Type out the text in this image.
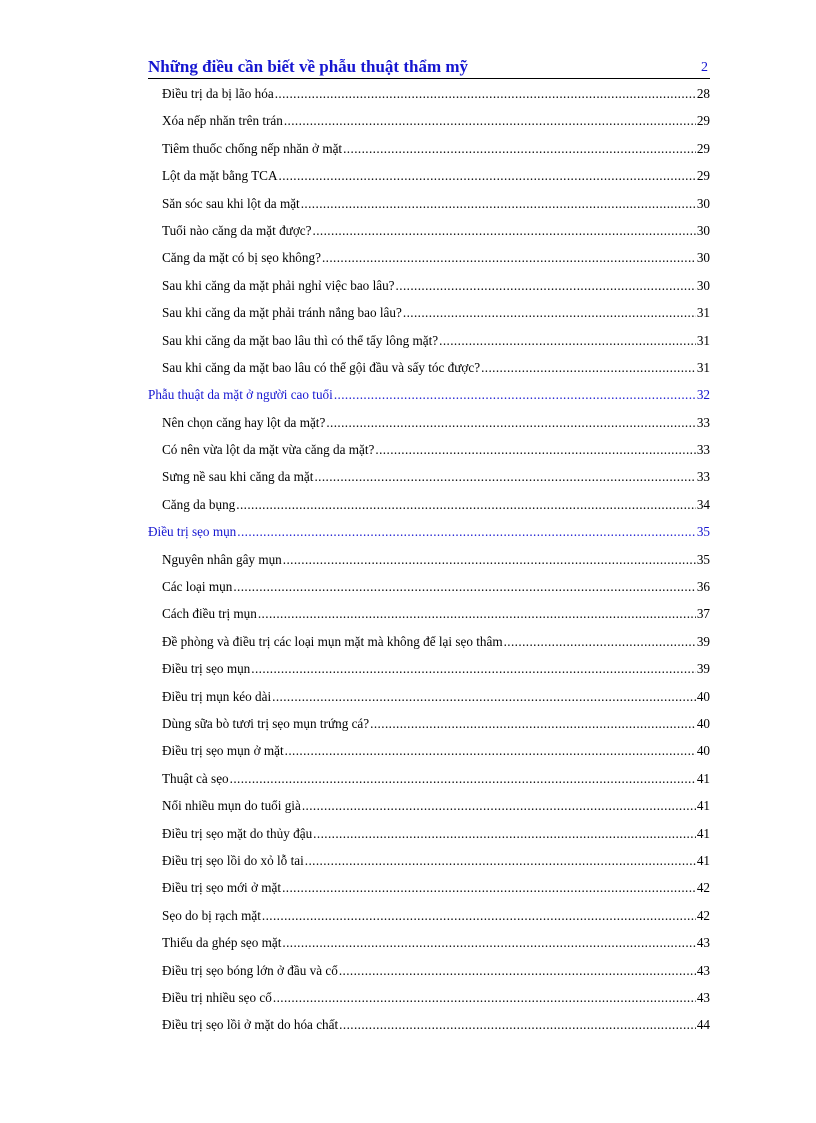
Những điều cần biết về phẫu thuật thẩm mỹ	2
Điều trị da bị lão hóa .....	28
Xóa nếp nhăn trên trán .....	29
Tiêm thuốc chống nếp nhăn ở mặt .....	29
Lột da mặt bằng TCA .....	29
Săn sóc sau khi lột da mặt .....	30
Tuổi nào căng da mặt được? .....	30
Căng da mặt có bị sẹo không? .....	30
Sau khi căng da mặt phải nghỉ việc bao lâu? .....	30
Sau khi căng da mặt phải tránh nắng bao lâu? .....	31
Sau khi căng da mặt bao lâu thì có thể tẩy lông mặt? .....	31
Sau khi căng da mặt bao lâu có thể gội đầu và sấy tóc được? .....	31
Phẫu thuật da mặt ở người cao tuổi .....	32
Nên chọn căng hay lột da mặt? .....	33
Có nên vừa lột da mặt vừa căng da mặt? .....	33
Sưng nề sau khi căng da mặt .....	33
Căng da bụng .....	34
Điều trị sẹo mụn .....	35
Nguyên nhân gây mụn .....	35
Các loại mụn .....	36
Cách điều trị mụn .....	37
Đề phòng và điều trị các loại mụn mặt mà không để lại sẹo thâm .....	39
Điều trị sẹo mụn .....	39
Điều trị mụn kéo dài .....	40
Dùng sữa bò tươi trị sẹo mụn trứng cá? .....	40
Điều trị sẹo mụn ở mặt .....	40
Thuật cà sẹo .....	41
Nổi nhiều mụn do tuổi già .....	41
Điều trị sẹo mặt do thủy đậu .....	41
Điều trị sẹo lồi do xỏ lỗ tai .....	41
Điều trị sẹo mới ở mặt .....	42
Sẹo do bị rạch mặt .....	42
Thiếu da ghép sẹo mặt .....	43
Điều trị sẹo bóng lớn ở đầu và cổ .....	43
Điều trị nhiều sẹo cổ .....	43
Điều trị sẹo lồi ở mặt do hóa chất .....	44
